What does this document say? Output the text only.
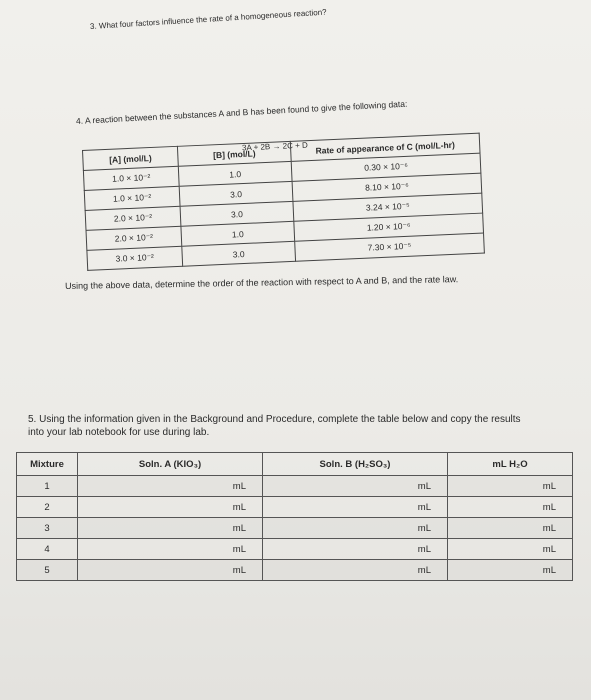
3. What four factors influence the rate of a homogeneous reaction?
4. A reaction between the substances A and B has been found to give the following data:
3A + 2B → 2C + D
[A] (mol/L)	[B] (mol/L)	Rate of appearance of C (mol/L-hr)
1.0 × 10⁻²	1.0	0.30 × 10⁻⁶
1.0 × 10⁻²	3.0	8.10 × 10⁻⁶
2.0 × 10⁻²	3.0	3.24 × 10⁻⁵
2.0 × 10⁻²	1.0	1.20 × 10⁻⁶
3.0 × 10⁻²	3.0	7.30 × 10⁻⁵
Using the above data, determine the order of the reaction with respect to A and B, and the rate law.
5. Using the information given in the Background and Procedure, complete the table below and copy the results into your lab notebook for use during lab.
Mixture	Soln. A (KIO₃)	Soln. B (H₂SO₃)	mL H₂O
1	mL	mL	mL

2	mL	mL	mL

3	mL	mL	mL

4	mL	mL	mL

5	mL	mL	mL
